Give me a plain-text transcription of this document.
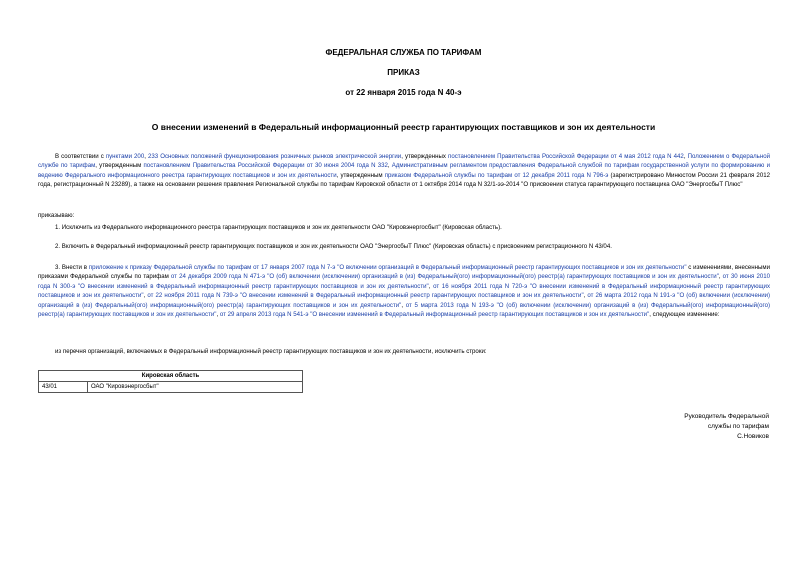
ФЕДЕРАЛЬНАЯ СЛУЖБА ПО ТАРИФАМ
ПРИКАЗ
от 22 января 2015 года N 40-э
О внесении изменений в Федеральный информационный реестр гарантирующих поставщиков и зон их деятельности
В соответствии с пунктами 200, 233 Основных положений функционирования розничных рынков электрической энергии, утвержденных постановлением Правительства Российской Федерации от 4 мая 2012 года N 442, Положением о Федеральной службе по тарифам, утвержденным постановлением Правительства Российской Федерации от 30 июня 2004 года N 332, Административным регламентом предоставления Федеральной службой по тарифам государственной услуги по формированию и ведению Федерального информационного реестра гарантирующих поставщиков и зон их деятельности, утвержденным приказом Федеральной службы по тарифам от 12 декабря 2011 года N 796-э (зарегистрировано Минюстом России 21 февраля 2012 года, регистрационный N 23289), а также на основании решения правления Региональной службы по тарифам Кировской области от 1 октября 2014 года N 32/1-ээ-2014 "О присвоении статуса гарантирующего поставщика ОАО "ЭнергосбыТ Плюс"
приказываю:
1. Исключить из Федерального информационного реестра гарантирующих поставщиков и зон их деятельности ОАО "Кировэнергосбыт" (Кировская область).
2. Включить в Федеральный информационный реестр гарантирующих поставщиков и зон их деятельности ОАО "ЭнергосбыТ Плюс" (Кировская область) с присвоением регистрационного N 43/04.
3. Внести в приложение к приказу Федеральной службы по тарифам от 17 января 2007 года N 7-э "О включении организаций в Федеральный информационный реестр гарантирующих поставщиков и зон их деятельности" с изменениями, внесенными приказами Федеральной службы по тарифам от 24 декабря 2009 года N 471-э "О (об) включении (исключении) организаций в (из) Федеральный(ого) информационный(ого) реестр(а) гарантирующих поставщиков и зон их деятельности", от 30 июня 2010 года N 300-э "О внесении изменений в Федеральный информационный реестр гарантирующих поставщиков и зон их деятельности", от 16 ноября 2011 года N 720-э "О внесении изменений в Федеральный информационный реестр гарантирующих поставщиков и зон их деятельности", от 22 ноября 2011 года N 739-э "О внесении изменений в Федеральный информационный реестр гарантирующих поставщиков и зон их деятельности", от 26 марта 2012 года N 191-э "О (об) включении (исключении) организаций в (из) Федеральный(ого) информационный(ого) реестр(а) гарантирующих поставщиков и зон их деятельности", от 5 марта 2013 года N 193-э "О (об) включении (исключении) организаций в (из) Федеральный(ого) информационный(ого) реестр(а) гарантирующих поставщиков и зон их деятельности", от 29 апреля 2013 года N 541-э "О внесении изменений в Федеральный информационный реестр гарантирующих поставщиков и зон их деятельности", следующее изменение:
из перечня организаций, включаемых в Федеральный информационный реестр гарантирующих поставщиков и зон их деятельности, исключить строки:
Кировская область
43/01	ОАО "Кировэнергосбыт"
Руководитель Федеральной
службы по тарифам
С.Новиков
